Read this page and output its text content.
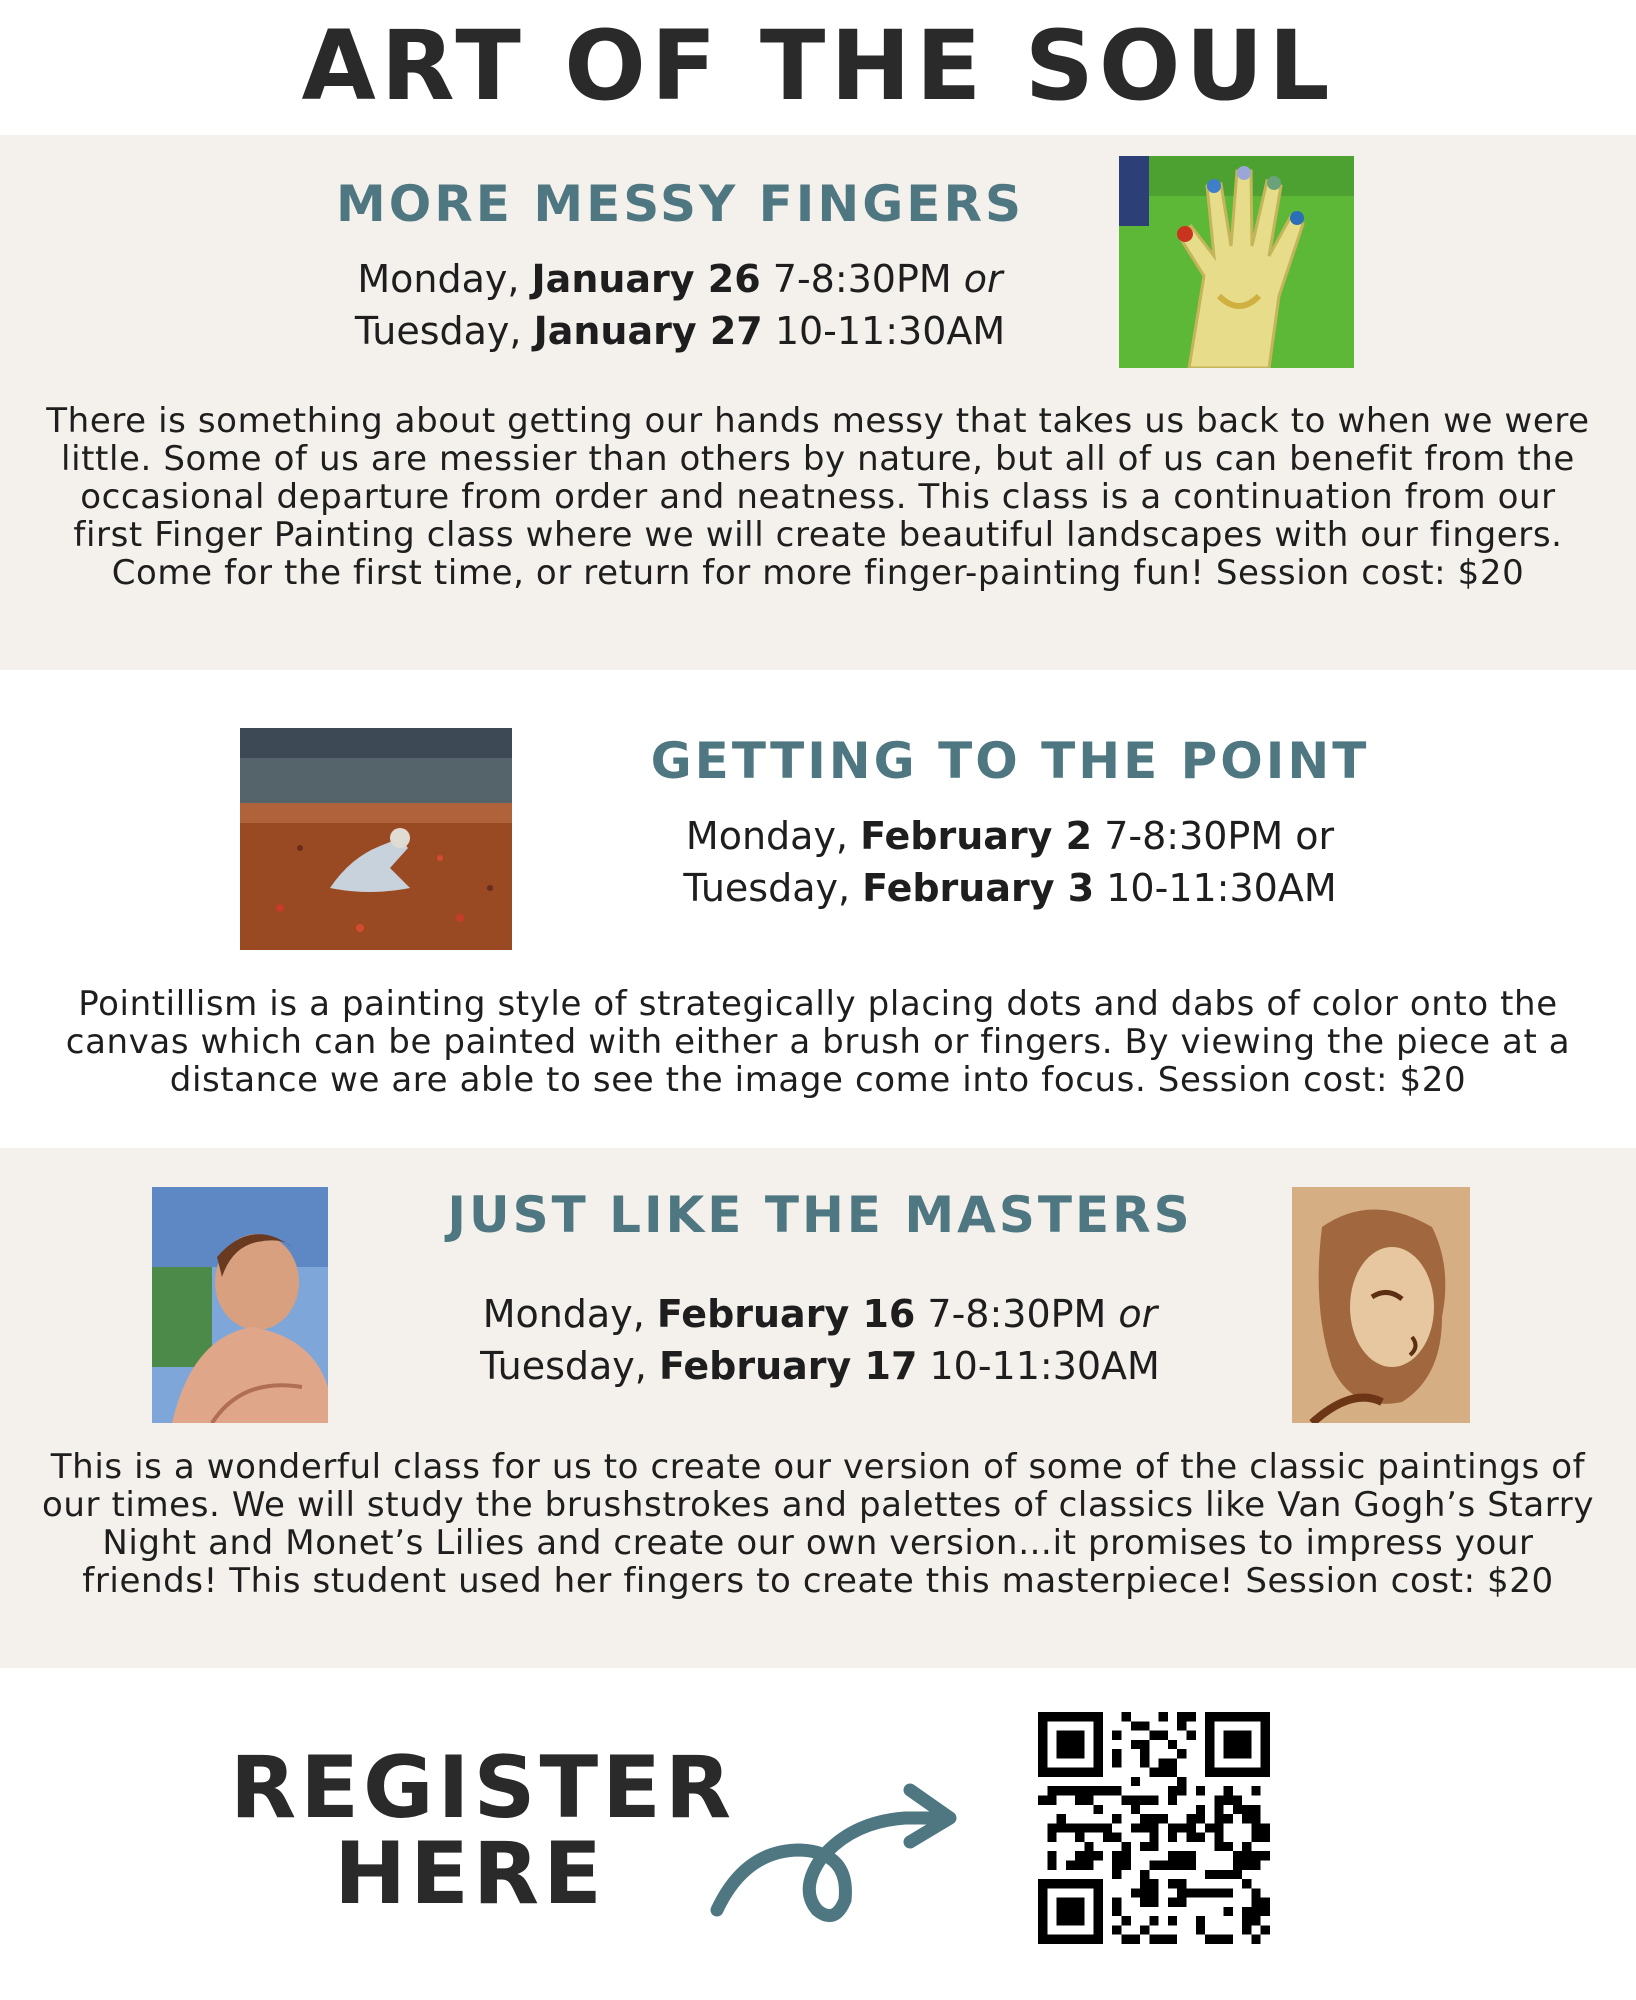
ART OF THE SOUL
MORE MESSY FINGERS
Monday, January 26 7-8:30PM or
Tuesday, January 27 10-11:30AM
There is something about getting our hands messy that takes us back to when we were little. Some of us are messier than others by nature, but all of us can benefit from the occasional departure from order and neatness. This class is a continuation from our first Finger Painting class where we will create beautiful landscapes with our fingers. Come for the first time, or return for more finger-painting fun! Session cost: $20
GETTING TO THE POINT
Monday, February 2 7-8:30PM or
Tuesday, February 3 10-11:30AM
Pointillism is a painting style of strategically placing dots and dabs of color onto the canvas which can be painted with either a brush or fingers. By viewing the piece at a distance we are able to see the image come into focus. Session cost: $20
JUST LIKE THE MASTERS
Monday, February 16 7-8:30PM or
Tuesday, February 17 10-11:30AM
This is a wonderful class for us to create our version of some of the classic paintings of our times. We will study the brushstrokes and palettes of classics like Van Gogh’s Starry Night and Monet’s Lilies and create our own version…it promises to impress your friends! This student used her fingers to create this masterpiece! Session cost: $20
REGISTER
HERE
